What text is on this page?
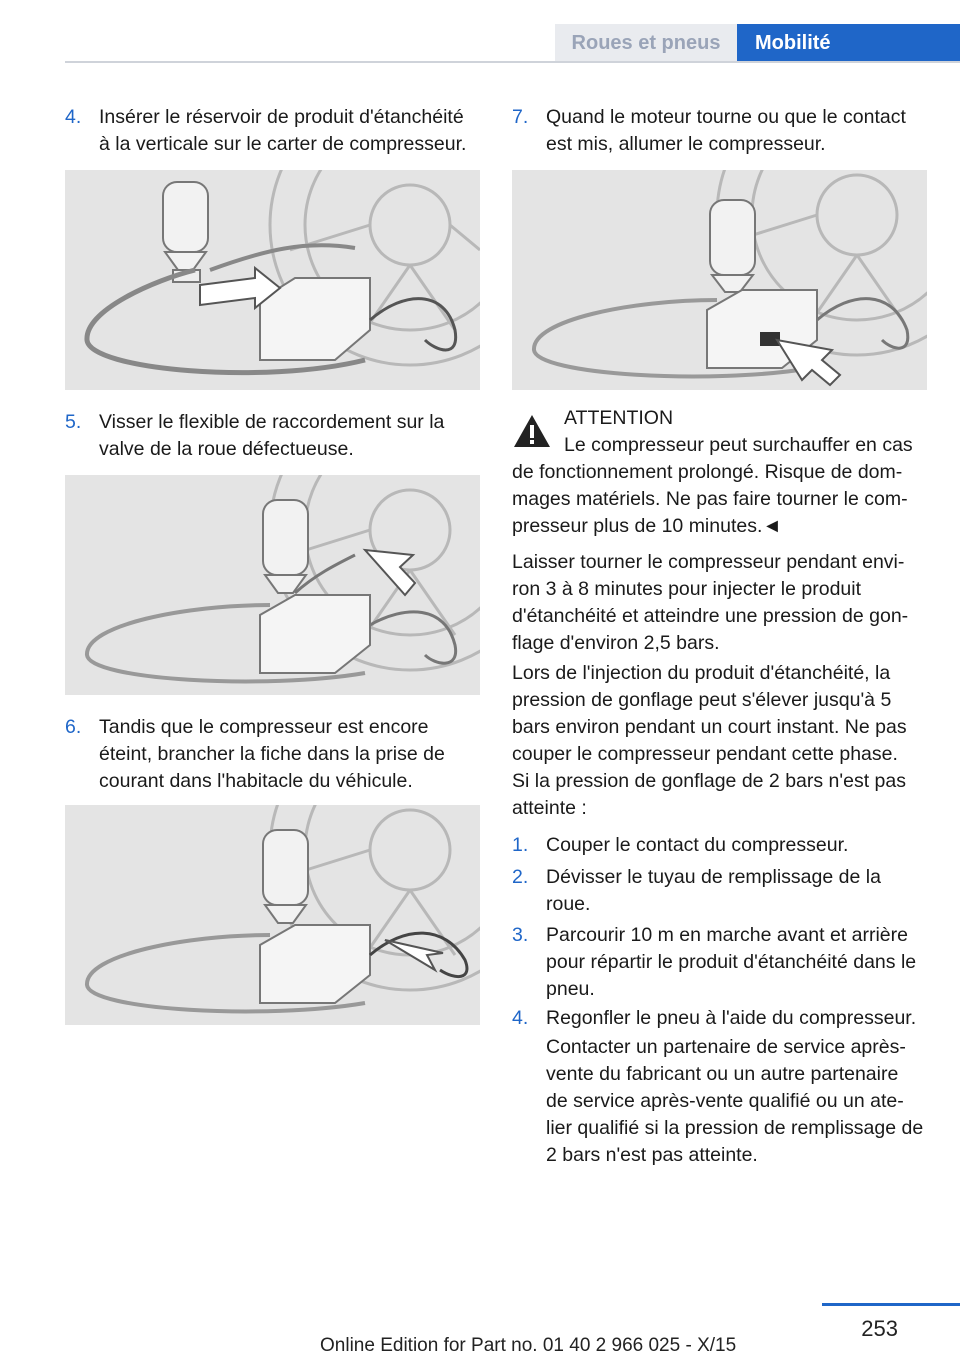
Roues et pneus	Mobilité
4. Insérer le réservoir de produit d'étanchéité
à la verticale sur le carter de compresseur.
5. Visser le flexible de raccordement sur la
valve de la roue défectueuse.
6. Tandis que le compresseur est encore
éteint, brancher la fiche dans la prise de
courant dans l'habitacle du véhicule.
7. Quand le moteur tourne ou que le contact
est mis, allumer le compresseur.
ATTENTION
Le compresseur peut surchauffer en cas
de fonctionnement prolongé. Risque de dom-
mages matériels. Ne pas faire tourner le com-
presseur plus de 10 minutes.◄
Laisser tourner le compresseur pendant envi-
ron 3 à 8 minutes pour injecter le produit
d'étanchéité et atteindre une pression de gon-
flage d'environ 2,5 bars.
Lors de l'injection du produit d'étanchéité, la
pression de gonflage peut s'élever jusqu'à 5
bars environ pendant un court instant. Ne pas
couper le compresseur pendant cette phase.
Si la pression de gonflage de 2 bars n'est pas
atteinte :
1. Couper le contact du compresseur.
2. Dévisser le tuyau de remplissage de la
roue.
3. Parcourir 10 m en marche avant et arrière
pour répartir le produit d'étanchéité dans le
pneu.
4. Regonfler le pneu à l'aide du compresseur.
Contacter un partenaire de service après-
vente du fabricant ou un autre partenaire
de service après-vente qualifié ou un ate-
lier qualifié si la pression de remplissage de
2 bars n'est pas atteinte.
253
Online Edition for Part no. 01 40 2 966 025 - X/15
